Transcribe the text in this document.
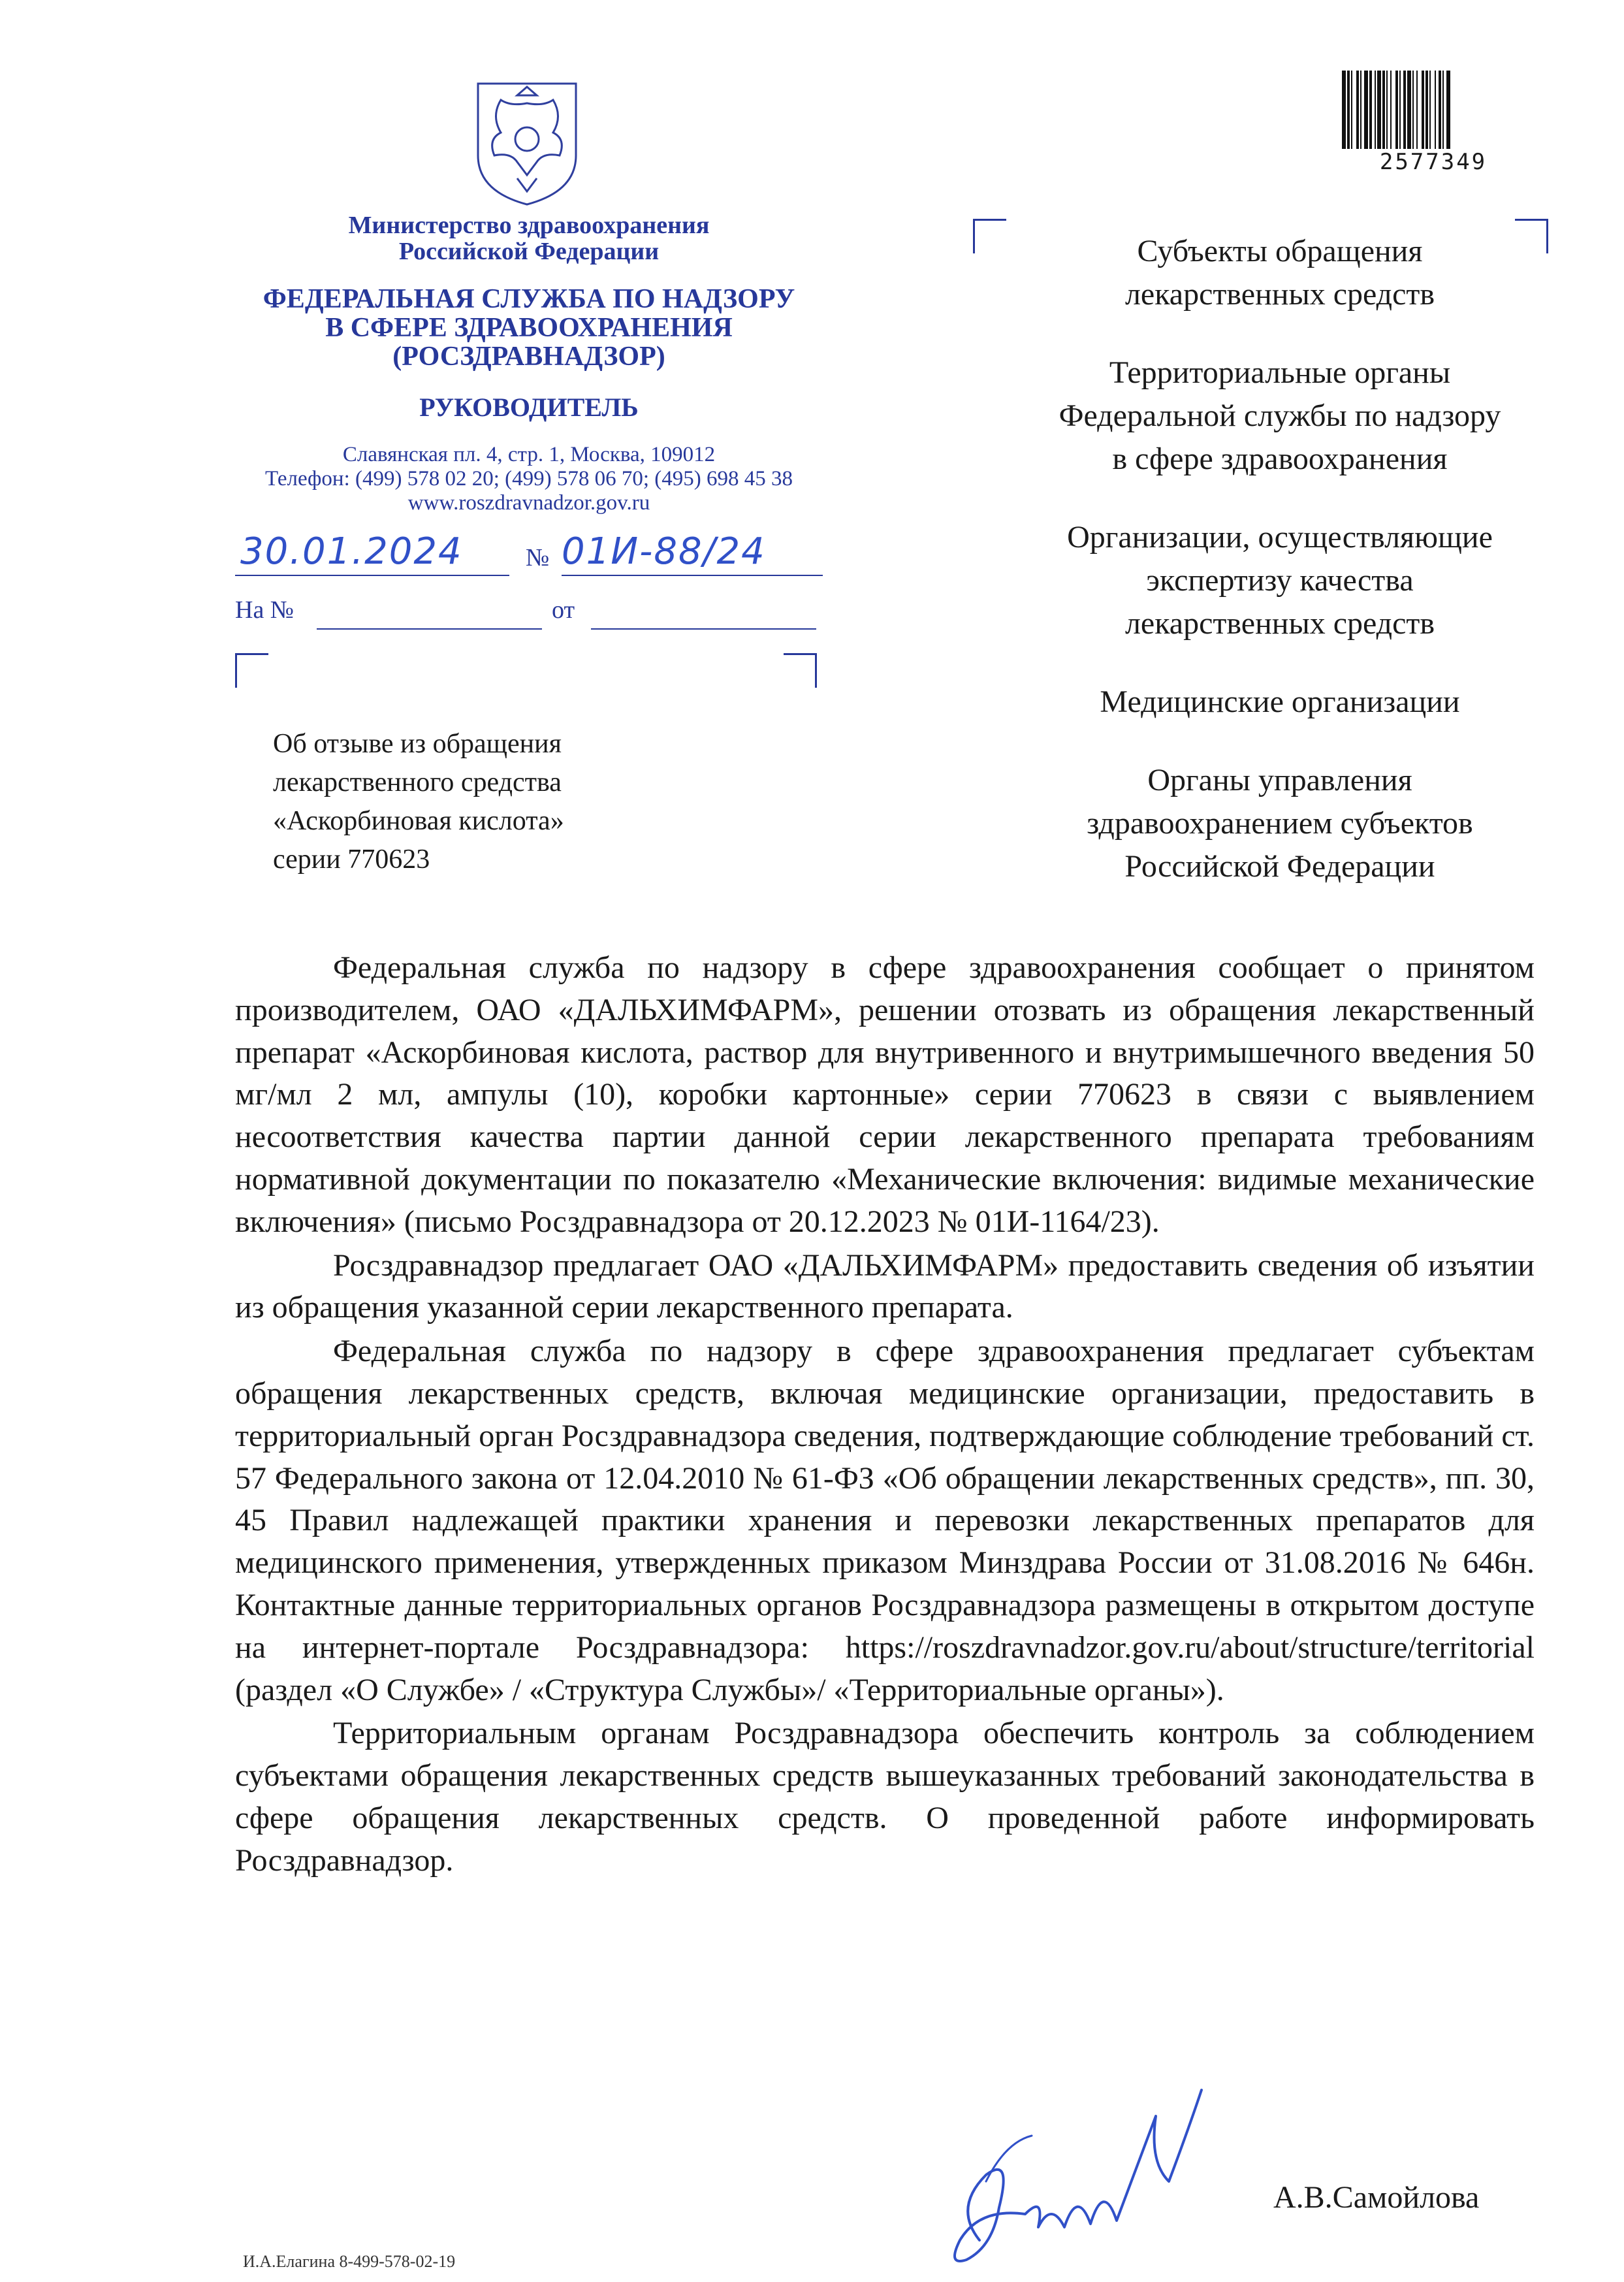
Министерство здравоохранения
Российской Федерации
ФЕДЕРАЛЬНАЯ СЛУЖБА ПО НАДЗОРУ
В СФЕРЕ ЗДРАВООХРАНЕНИЯ
(РОСЗДРАВНАДЗОР)
РУКОВОДИТЕЛЬ
Славянская пл. 4, стр. 1, Москва, 109012
Телефон: (499) 578 02 20; (499) 578 06 70; (495) 698 45 38
www.roszdravnadzor.gov.ru
30.01.2024	№ 01И-88/24
На №	от
Об отзыве из обращения
лекарственного средства
«Аскорбиновая кислота»
серии 770623
2577349
Субъекты обращения
лекарственных средств
Территориальные органы
Федеральной службы по надзору
в сфере здравоохранения
Организации, осуществляющие
экспертизу качества
лекарственных средств
Медицинские организации
Органы управления
здравоохранением субъектов
Российской Федерации

Федеральная служба по надзору в сфере здравоохранения сообщает о принятом производителем, ОАО «ДАЛЬХИМФАРМ», решении отозвать из обращения лекарственный препарат «Аскорбиновая кислота, раствор для внутривенного и внутримышечного введения 50 мг/мл 2 мл, ампулы (10), коробки картонные» серии 770623 в связи с выявлением несоответствия качества партии данной серии лекарственного препарата требованиям нормативной документации по показателю «Механические включения: видимые механические включения» (письмо Росздравнадзора от 20.12.2023 № 01И-1164/23).

Росздравнадзор предлагает ОАО «ДАЛЬХИМФАРМ» предоставить сведения об изъятии из обращения указанной серии лекарственного препарата.

Федеральная служба по надзору в сфере здравоохранения предлагает субъектам обращения лекарственных средств, включая медицинские организации, предоставить в территориальный орган Росздравнадзора сведения, подтверждающие соблюдение требований ст. 57 Федерального закона от 12.04.2010 № 61-ФЗ «Об обращении лекарственных средств», пп. 30, 45 Правил надлежащей практики хранения и перевозки лекарственных препаратов для медицинского применения, утвержденных приказом Минздрава России от 31.08.2016 № 646н. Контактные данные территориальных органов Росздравнадзора размещены в открытом доступе на интернет-портале Росздравнадзора: https://roszdravnadzor.gov.ru/about/structure/territorial (раздел «О Службе» / «Структура Службы»/ «Территориальные органы»).

Территориальным органам Росздравнадзора обеспечить контроль за соблюдением субъектами обращения лекарственных средств вышеуказанных требований законодательства в сфере обращения лекарственных средств. О проведенной работе информировать Росздравнадзор.

А.В.Самойлова
И.А.Елагина 8-499-578-02-19
